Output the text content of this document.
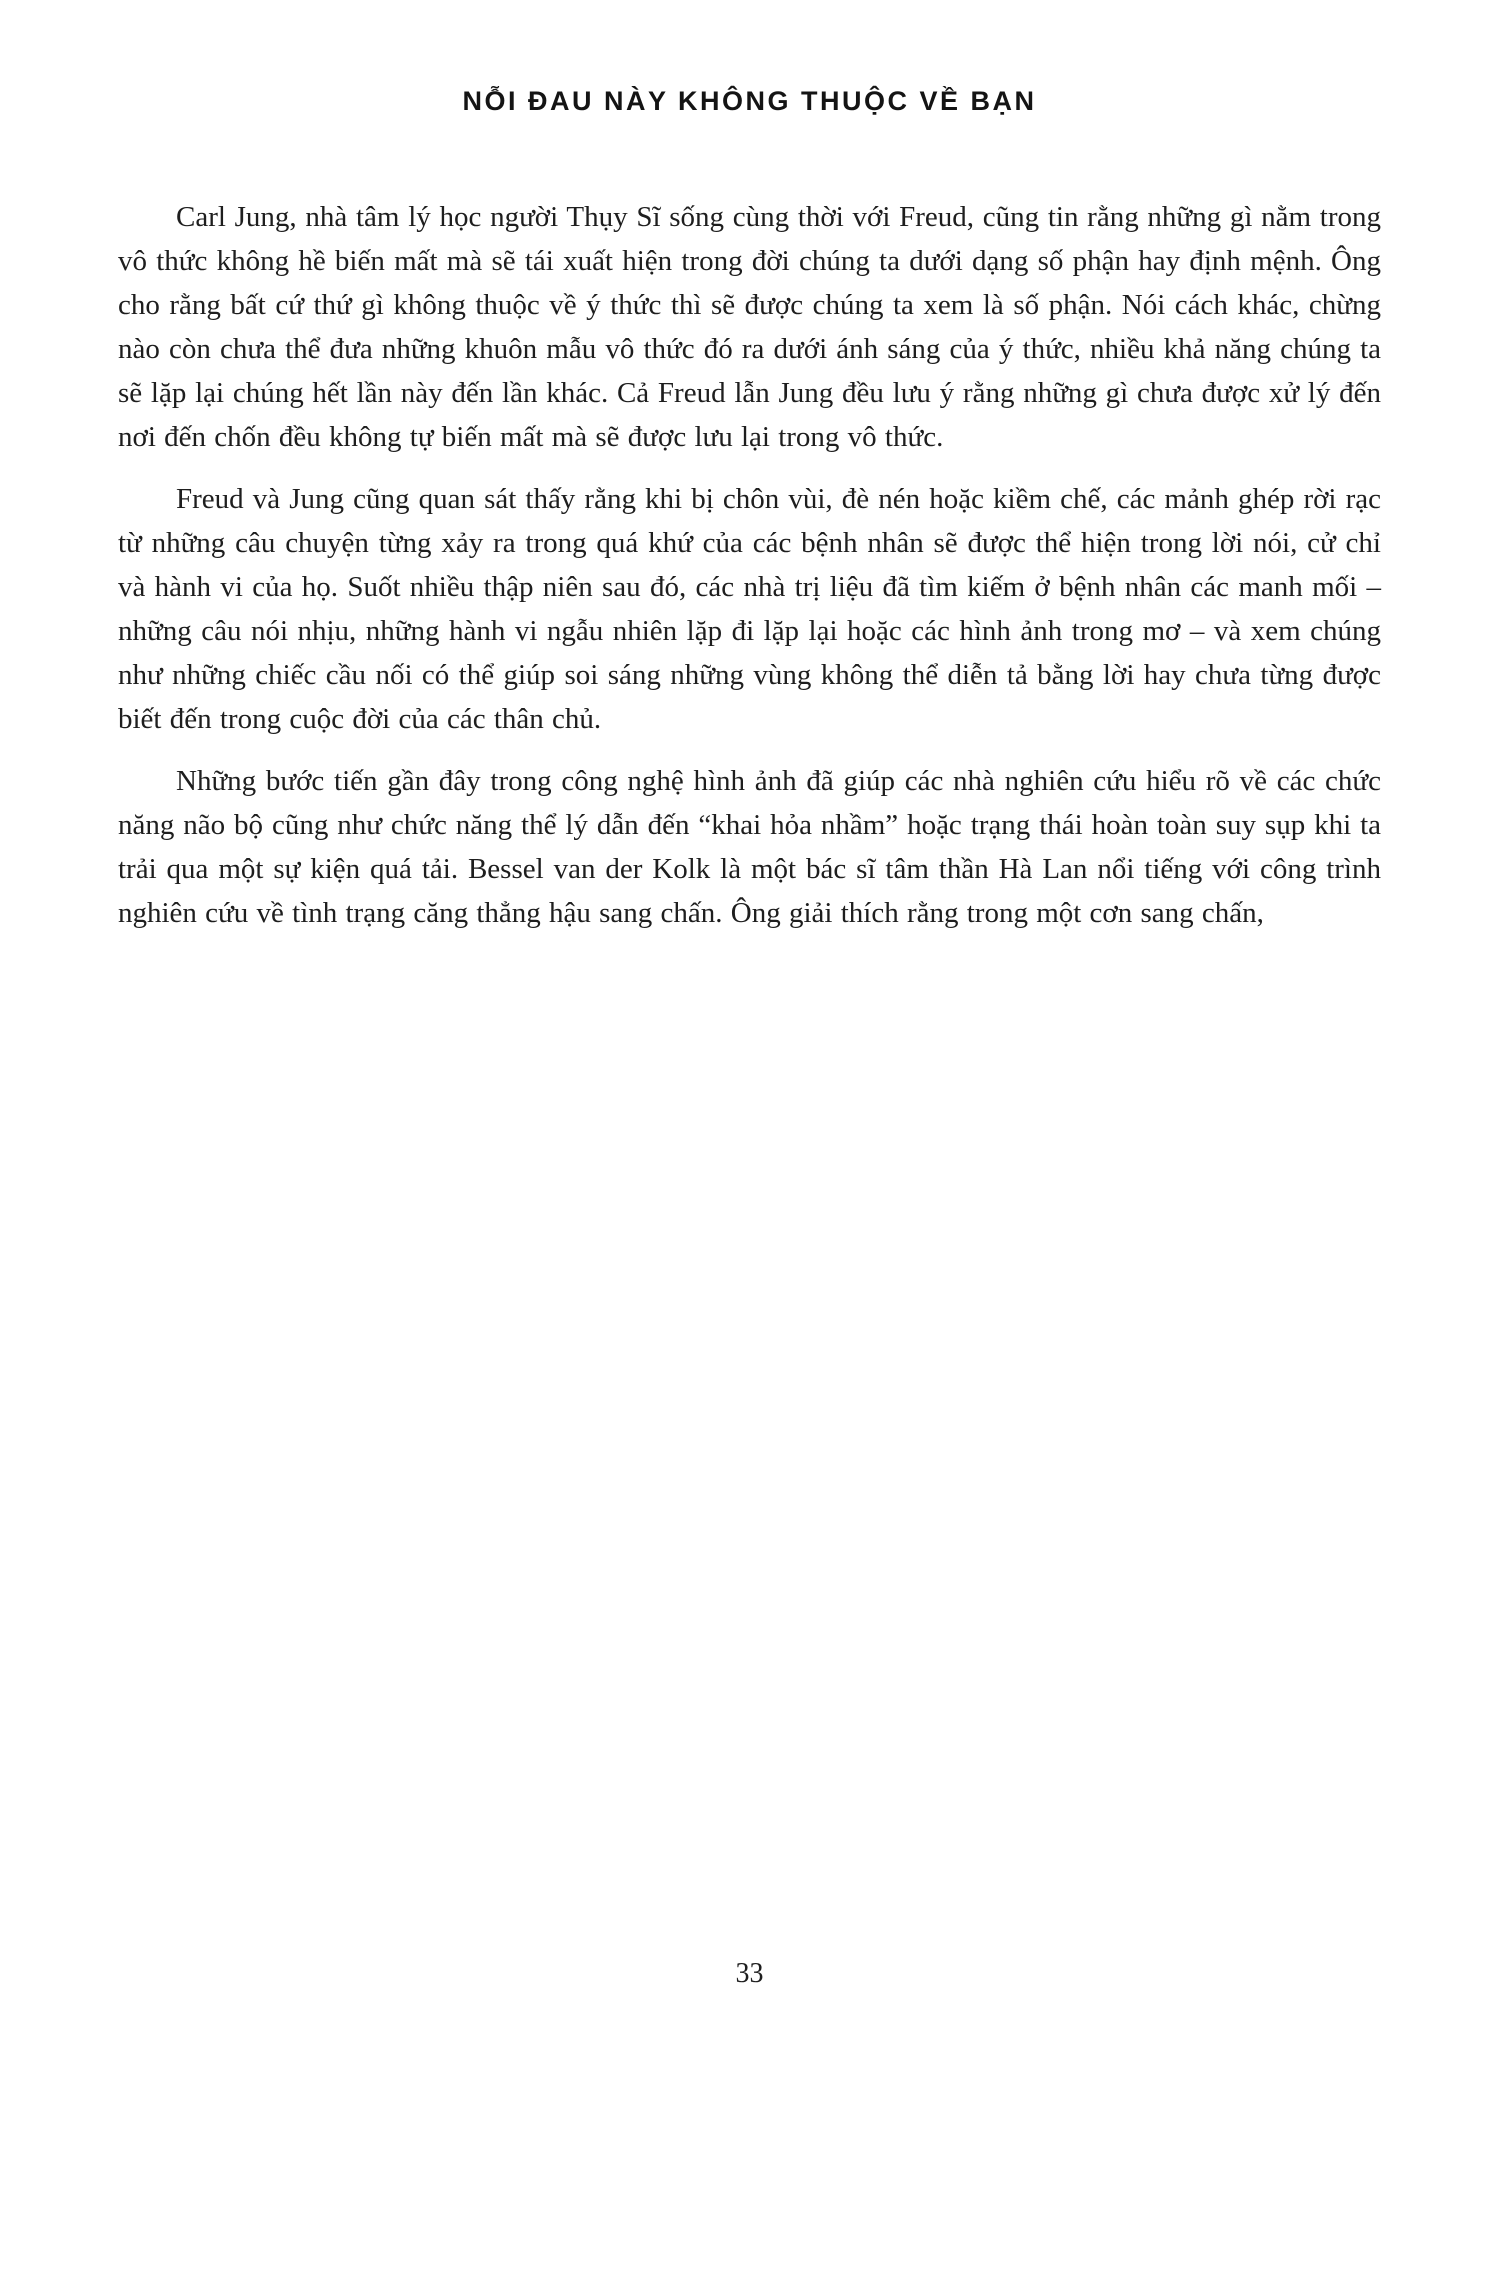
NỖI ĐAU NÀY KHÔNG THUỘC VỀ BẠN

Carl Jung, nhà tâm lý học người Thụy Sĩ sống cùng thời với Freud, cũng tin rằng những gì nằm trong vô thức không hề biến mất mà sẽ tái xuất hiện trong đời chúng ta dưới dạng số phận hay định mệnh. Ông cho rằng bất cứ thứ gì không thuộc về ý thức thì sẽ được chúng ta xem là số phận. Nói cách khác, chừng nào còn chưa thể đưa những khuôn mẫu vô thức đó ra dưới ánh sáng của ý thức, nhiều khả năng chúng ta sẽ lặp lại chúng hết lần này đến lần khác. Cả Freud lẫn Jung đều lưu ý rằng những gì chưa được xử lý đến nơi đến chốn đều không tự biến mất mà sẽ được lưu lại trong vô thức.

Freud và Jung cũng quan sát thấy rằng khi bị chôn vùi, đè nén hoặc kiềm chế, các mảnh ghép rời rạc từ những câu chuyện từng xảy ra trong quá khứ của các bệnh nhân sẽ được thể hiện trong lời nói, cử chỉ và hành vi của họ. Suốt nhiều thập niên sau đó, các nhà trị liệu đã tìm kiếm ở bệnh nhân các manh mối – những câu nói nhịu, những hành vi ngẫu nhiên lặp đi lặp lại hoặc các hình ảnh trong mơ – và xem chúng như những chiếc cầu nối có thể giúp soi sáng những vùng không thể diễn tả bằng lời hay chưa từng được biết đến trong cuộc đời của các thân chủ.

Những bước tiến gần đây trong công nghệ hình ảnh đã giúp các nhà nghiên cứu hiểu rõ về các chức năng não bộ cũng như chức năng thể lý dẫn đến “khai hỏa nhầm” hoặc trạng thái hoàn toàn suy sụp khi ta trải qua một sự kiện quá tải. Bessel van der Kolk là một bác sĩ tâm thần Hà Lan nổi tiếng với công trình nghiên cứu về tình trạng căng thẳng hậu sang chấn. Ông giải thích rằng trong một cơn sang chấn,

33
